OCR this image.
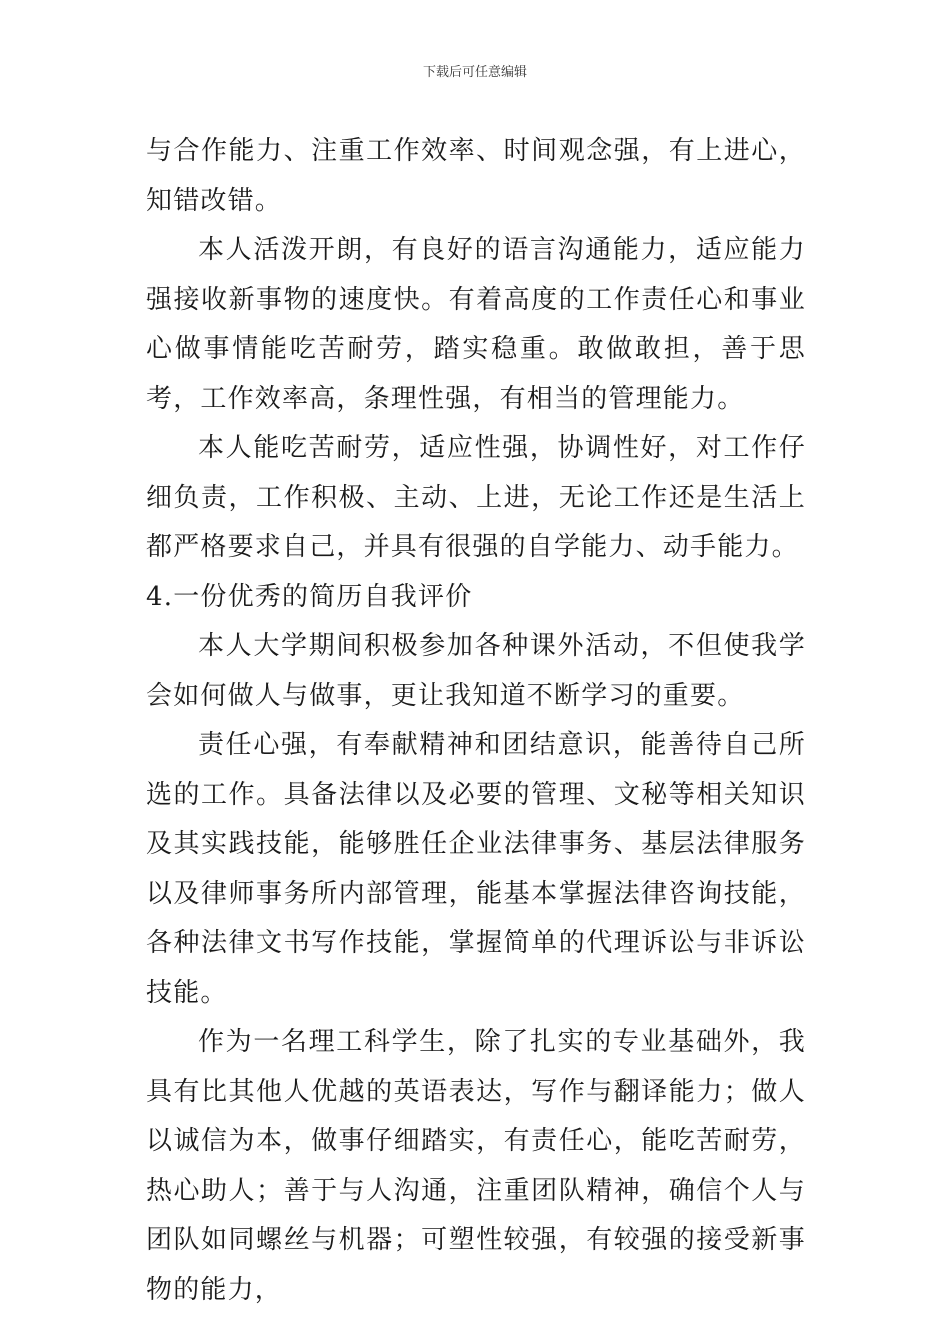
下载后可任意编辑

与合作能力、注重工作效率、时间观念强，有上进心，知错改错。

本人活泼开朗，有良好的语言沟通能力，适应能力强接收新事物的速度快。有着高度的工作责任心和事业心做事情能吃苦耐劳，踏实稳重。敢做敢担，善于思考，工作效率高，条理性强，有相当的管理能力。

本人能吃苦耐劳，适应性强，协调性好，对工作仔细负责，工作积极、主动、上进，无论工作还是生活上都严格要求自己，并具有很强的自学能力、动手能力。

4.一份优秀的简历自我评价

本人大学期间积极参加各种课外活动，不但使我学会如何做人与做事，更让我知道不断学习的重要。

责任心强，有奉献精神和团结意识，能善待自己所选的工作。具备法律以及必要的管理、文秘等相关知识及其实践技能，能够胜任企业法律事务、基层法律服务以及律师事务所内部管理，能基本掌握法律咨询技能，各种法律文书写作技能，掌握简单的代理诉讼与非诉讼技能。

作为一名理工科学生，除了扎实的专业基础外，我具有比其他人优越的英语表达，写作与翻译能力；做人以诚信为本，做事仔细踏实，有责任心，能吃苦耐劳，热心助人；善于与人沟通，注重团队精神，确信个人与团队如同螺丝与机器；可塑性较强，有较强的接受新事物的能力，
